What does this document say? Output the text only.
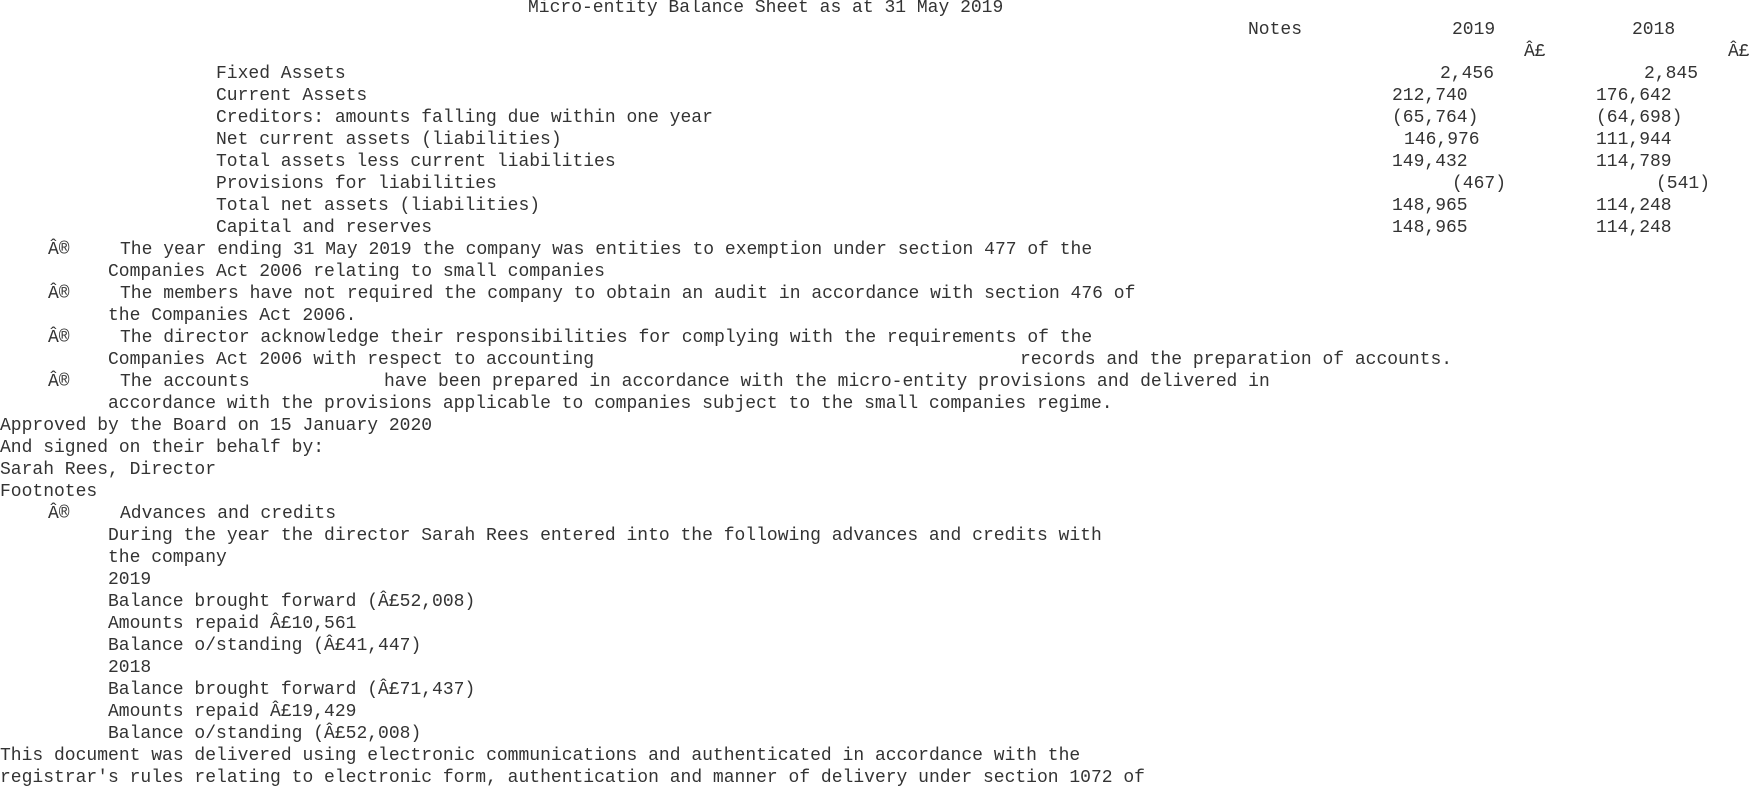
Micro-entity Balance Sheet as at 31 May 2019
Notes	2019	2018
Â£	Â£
Fixed Assets	2,456	2,845
Current Assets	212,740	176,642
Creditors: amounts falling due within one year	(65,764)	(64,698)
Net current assets (liabilities)	146,976	111,944
Total assets less current liabilities	149,432	114,789
Provisions for liabilities	(467)	(541)
Total net assets (liabilities)	148,965	114,248
Capital and reserves	148,965	114,248
Â®	The year ending 31 May 2019 the company was entities to exemption under section 477 of the
Companies Act 2006 relating to small companies
Â®	The members have not required the company to obtain an audit in accordance with section 476 of
the Companies Act 2006.
Â®	The director acknowledge their responsibilities for complying with the requirements of the
Companies Act 2006 with respect to accounting	records and the preparation of accounts.
Â®	The accounts	have been prepared in accordance with the micro-entity provisions and delivered in
accordance with the provisions applicable to companies subject to the small companies regime.
Approved by the Board on 15 January 2020
And signed on their behalf by:
Sarah Rees, Director
Footnotes
Â®	Advances and credits
During the year the director Sarah Rees entered into the following advances and credits with
the company
2019
Balance brought forward (Â£52,008)
Amounts repaid Â£10,561
Balance o/standing (Â£41,447)
2018
Balance brought forward (Â£71,437)
Amounts repaid Â£19,429
Balance o/standing (Â£52,008)
This document was delivered using electronic communications and authenticated in accordance with the
registrar's rules relating to electronic form, authentication and manner of delivery under section 1072 of
